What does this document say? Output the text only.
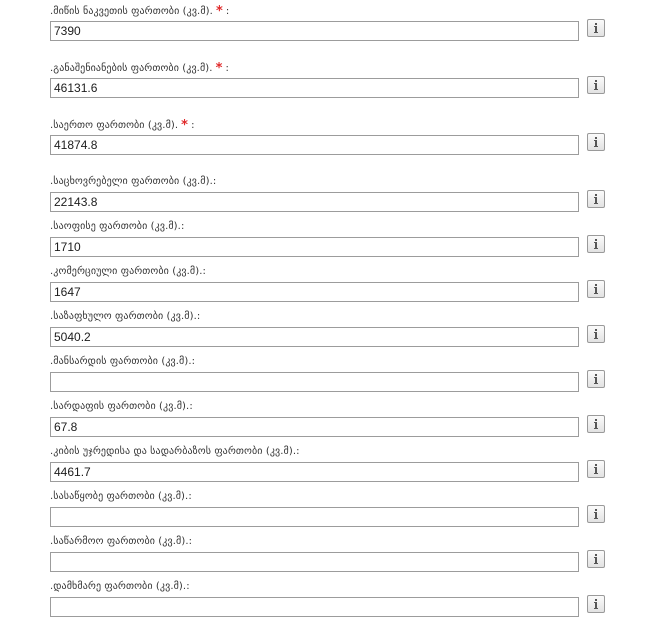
.მიწის ნაკვეთის ფართობი (კვ.მ). * :
7390
.განაშენიანების ფართობი (კვ.მ). * :
46131.6
.საერთო ფართობი (კვ.მ). * :
41874.8
.საცხოვრებელი ფართობი (კვ.მ).:
22143.8
.საოფისე ფართობი (კვ.მ).:
1710
.კომერციული ფართობი (კვ.მ).:
1647
.საზაფხულო ფართობი (კვ.მ).:
5040.2
.მანსარდის ფართობი (კვ.მ).:
.სარდაფის ფართობი (კვ.მ).:
67.8
.კიბის უჯრედისა და სადარბაზოს ფართობი (კვ.მ).:
4461.7
.სასაწყობე ფართობი (კვ.მ).:
.საწარმოო ფართობი (კვ.მ).:
.დამხმარე ფართობი (კვ.მ).:
